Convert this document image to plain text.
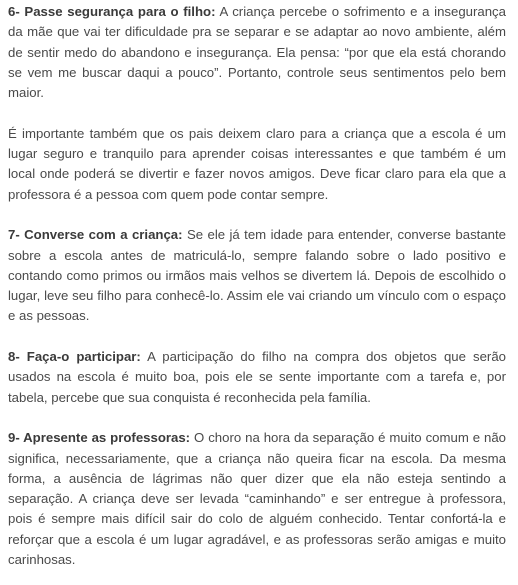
6- Passe segurança para o filho: A criança percebe o sofrimento e a insegurança da mãe que vai ter dificuldade pra se separar e se adaptar ao novo ambiente, além de sentir medo do abandono e insegurança. Ela pensa: “por que ela está chorando se vem me buscar daqui a pouco”. Portanto, controle seus sentimentos pelo bem maior.

É importante também que os pais deixem claro para a criança que a escola é um lugar seguro e tranquilo para aprender coisas interessantes e que também é um local onde poderá se divertir e fazer novos amigos. Deve ficar claro para ela que a professora é a pessoa com quem pode contar sempre.

7- Converse com a criança: Se ele já tem idade para entender, converse bastante sobre a escola antes de matriculá-lo, sempre falando sobre o lado positivo e contando como primos ou irmãos mais velhos se divertem lá. Depois de escolhido o lugar, leve seu filho para conhecê-lo. Assim ele vai criando um vínculo com o espaço e as pessoas.

8- Faça-o participar: A participação do filho na compra dos objetos que serão usados na escola é muito boa, pois ele se sente importante com a tarefa e, por tabela, percebe que sua conquista é reconhecida pela família.

9- Apresente as professoras: O choro na hora da separação é muito comum e não significa, necessariamente, que a criança não queira ficar na escola. Da mesma forma, a ausência de lágrimas não quer dizer que ela não esteja sentindo a separação. A criança deve ser levada “caminhando” e ser entregue à professora, pois é sempre mais difícil sair do colo de alguém conhecido. Tentar confortá-la e reforçar que a escola é um lugar agradável, e as professoras serão amigas e muito carinhosas.
